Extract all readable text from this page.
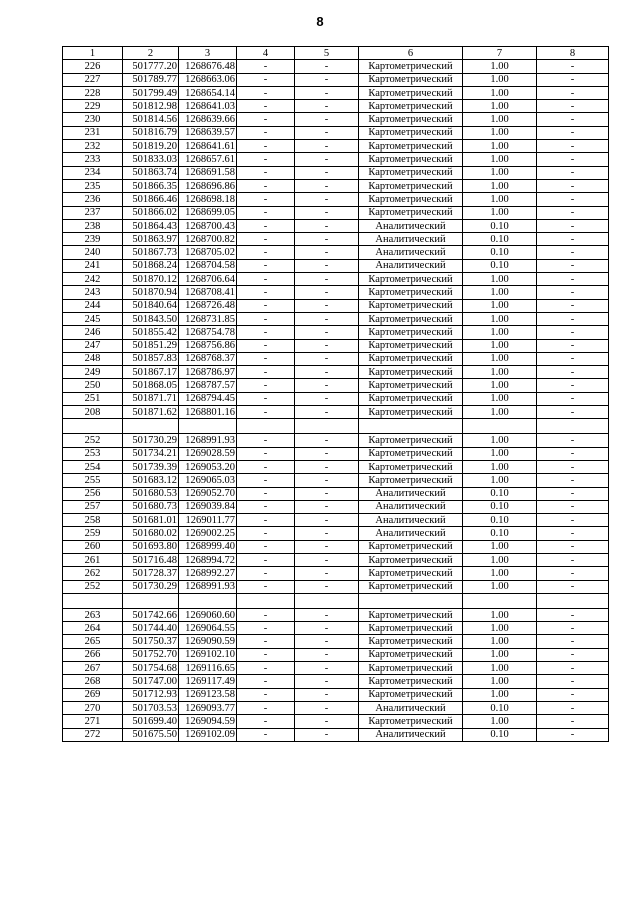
8
1	2	3	4	5	6	7	8
226	501777.20	1268676.48	-	-	Картометрический	1.00	-
227	501789.77	1268663.06	-	-	Картометрический	1.00	-
228	501799.49	1268654.14	-	-	Картометрический	1.00	-
229	501812.98	1268641.03	-	-	Картометрический	1.00	-
230	501814.56	1268639.66	-	-	Картометрический	1.00	-
231	501816.79	1268639.57	-	-	Картометрический	1.00	-
232	501819.20	1268641.61	-	-	Картометрический	1.00	-
233	501833.03	1268657.61	-	-	Картометрический	1.00	-
234	501863.74	1268691.58	-	-	Картометрический	1.00	-
235	501866.35	1268696.86	-	-	Картометрический	1.00	-
236	501866.46	1268698.18	-	-	Картометрический	1.00	-
237	501866.02	1268699.05	-	-	Картометрический	1.00	-
238	501864.43	1268700.43	-	-	Аналитический	0.10	-
239	501863.97	1268700.82	-	-	Аналитический	0.10	-
240	501867.73	1268705.02	-	-	Аналитический	0.10	-
241	501868.24	1268704.58	-	-	Аналитический	0.10	-
242	501870.12	1268706.64	-	-	Картометрический	1.00	-
243	501870.94	1268708.41	-	-	Картометрический	1.00	-
244	501840.64	1268726.48	-	-	Картометрический	1.00	-
245	501843.50	1268731.85	-	-	Картометрический	1.00	-
246	501855.42	1268754.78	-	-	Картометрический	1.00	-
247	501851.29	1268756.86	-	-	Картометрический	1.00	-
248	501857.83	1268768.37	-	-	Картометрический	1.00	-
249	501867.17	1268786.97	-	-	Картометрический	1.00	-
250	501868.05	1268787.57	-	-	Картометрический	1.00	-
251	501871.71	1268794.45	-	-	Картометрический	1.00	-
208	501871.62	1268801.16	-	-	Картометрический	1.00	-

252	501730.29	1268991.93	-	-	Картометрический	1.00	-
253	501734.21	1269028.59	-	-	Картометрический	1.00	-
254	501739.39	1269053.20	-	-	Картометрический	1.00	-
255	501683.12	1269065.03	-	-	Картометрический	1.00	-
256	501680.53	1269052.70	-	-	Аналитический	0.10	-
257	501680.73	1269039.84	-	-	Аналитический	0.10	-
258	501681.01	1269011.77	-	-	Аналитический	0.10	-
259	501680.02	1269002.25	-	-	Аналитический	0.10	-
260	501693.80	1268999.40	-	-	Картометрический	1.00	-
261	501716.48	1268994.72	-	-	Картометрический	1.00	-
262	501728.37	1268992.27	-	-	Картометрический	1.00	-
252	501730.29	1268991.93	-	-	Картометрический	1.00	-

263	501742.66	1269060.60	-	-	Картометрический	1.00	-
264	501744.40	1269064.55	-	-	Картометрический	1.00	-
265	501750.37	1269090.59	-	-	Картометрический	1.00	-
266	501752.70	1269102.10	-	-	Картометрический	1.00	-
267	501754.68	1269116.65	-	-	Картометрический	1.00	-
268	501747.00	1269117.49	-	-	Картометрический	1.00	-
269	501712.93	1269123.58	-	-	Картометрический	1.00	-
270	501703.53	1269093.77	-	-	Аналитический	0.10	-
271	501699.40	1269094.59	-	-	Картометрический	1.00	-
272	501675.50	1269102.09	-	-	Аналитический	0.10	-
